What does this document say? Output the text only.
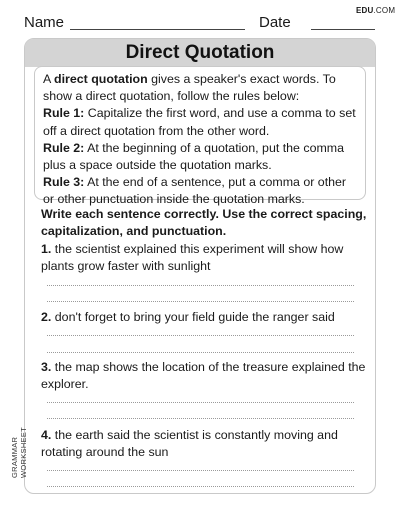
Name	Date
EDU.COM
Direct Quotation

A direct quotation gives a speaker's exact words. To show a direct quotation, follow the rules below:

Rule 1: Capitalize the first word, and use a comma to set off a direct quotation from the other word.

Rule 2: At the beginning of a quotation, put the comma plus a space outside the quotation marks.

Rule 3: At the end of a sentence, put a comma or other or other punctuation inside the quotation marks.

Write each sentence correctly. Use the correct spacing, capitalization, and punctuation.
1. the scientist explained this experiment will show how plants grow faster with sunlight
2. don't forget to bring your field guide the ranger said
3. the map shows the location of the treasure explained the explorer.
4. the earth said the scientist is constantly moving and rotating around the sun
GRAMMAR WORKSHEET
